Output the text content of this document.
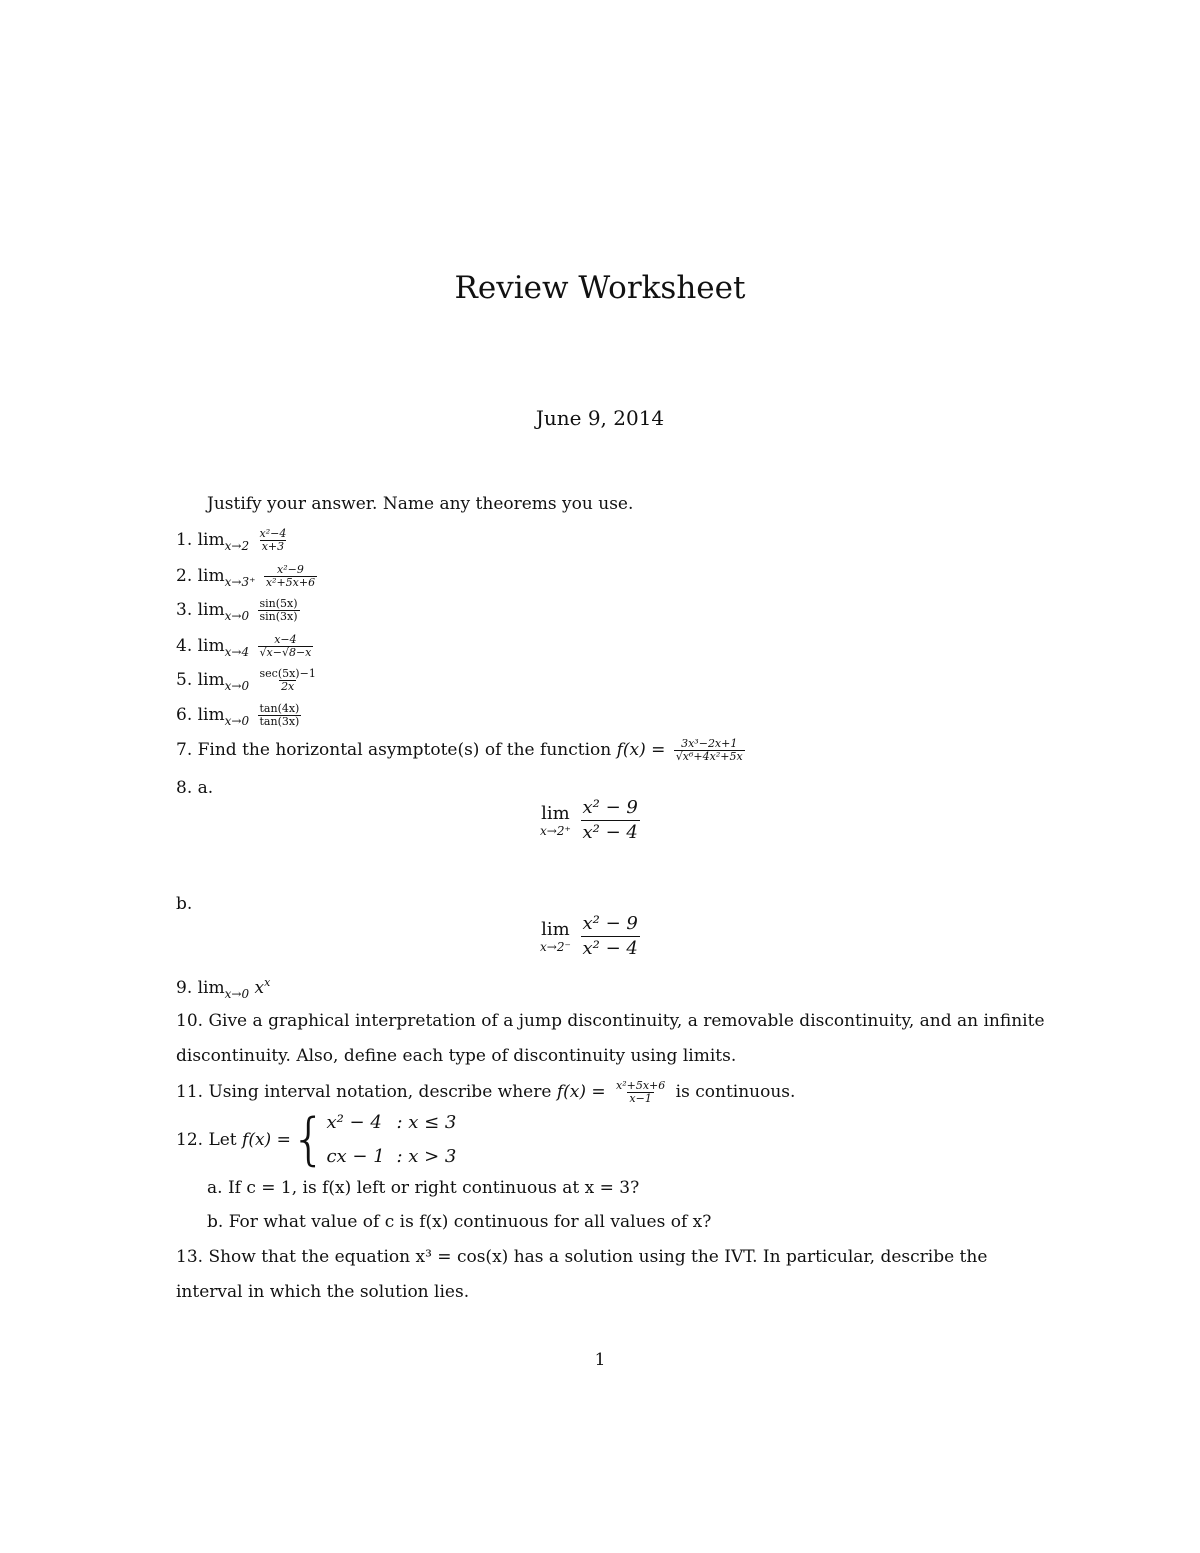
Review Worksheet
June 9, 2014
Justify your answer. Name any theorems you use.
1. $\lim_{x\to 2} \frac{\text{x²−4}}{x+3}$
2. $\lim_{x\to 3^+} \frac{\text{x²−9}}{\text{x²+5x+6}}$
3. $\lim_{x\to 0} \frac{\sin(5x)}{\sin(3x)}$
4. $\lim_{x\to 4} \frac{x-4}{√x-√8-x}$
5. $\lim_{x\to 0} \frac{\sec(5x)-1}{2x}$
6. $\lim_{x\to 0} \frac{\tan(4x)}{\tan(3x)}$
7. Find the horizontal asymptote(s) of the function $f(x) = \frac{\text{3x³−2x+1}}{\text{√x⁶+4x²+5x}}$
8. a.
lim
x→2⁺
$\frac{\text{x² − 9}}{\text{x² − 4}}$
b.
lim
x→2⁻
$\frac{\text{x² − 9}}{\text{x² − 4}}$
9. $\lim_{x\to 0} x^x$
10. Give a graphical interpretation of a jump discontinuity, a removable discontinuity, and an infinite
discontinuity. Also, define each type of discontinuity using limits.
11. Using interval notation, describe where $f(x) = \frac{\text{x²+5x+6}}{x-1}$ is continuous.
12. Let
f(x) = { x² − 4 : x ≤ 3
cx − 1 : x > 3
a. If c = 1, is f(x) left or right continuous at x = 3?
b. For what value of c is f(x) continuous for all values of x?
13. Show that the equation x³ = cos(x) has a solution using the IVT. In particular, describe the
interval in which the solution lies.
1
